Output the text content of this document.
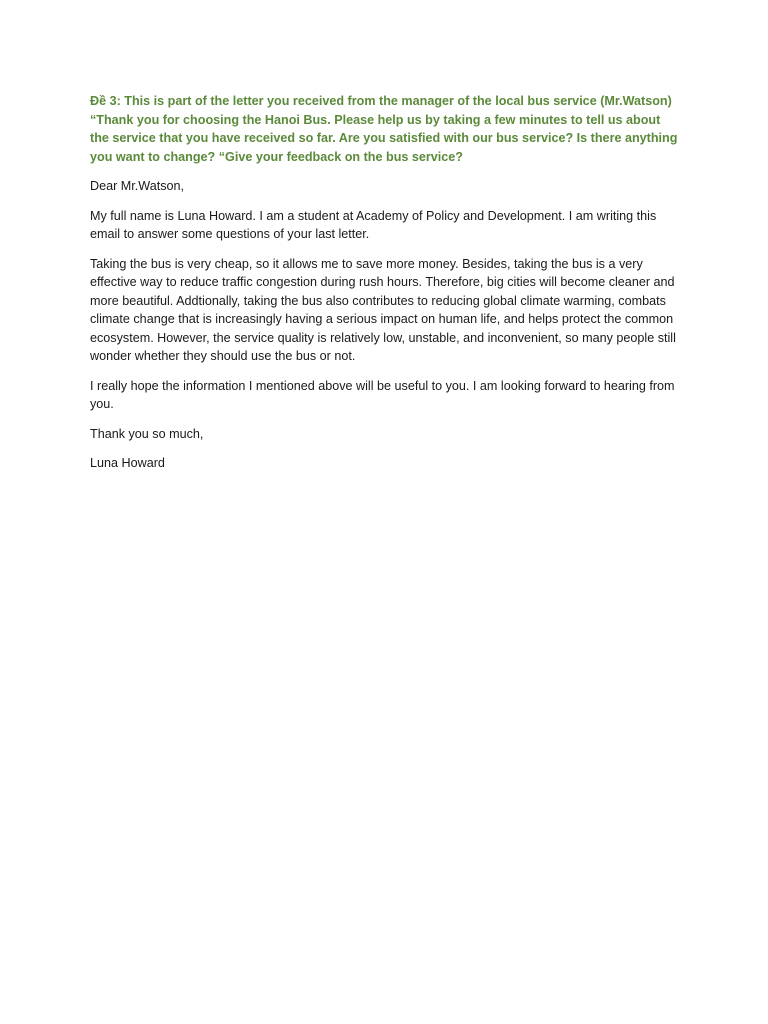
Đề 3: This is part of the letter you received from the manager of the local bus service (Mr.Watson)
“Thank you for choosing the Hanoi Bus. Please help us by taking a few minutes to tell us about the service that you have received so far. Are you satisfied with our bus service? Is there anything you want to change? “Give your feedback on the bus service?

Dear Mr.Watson,

My full name is Luna Howard. I am a student at Academy of Policy and Development. I am writing this email to answer some questions of your last letter.

Taking the bus is very cheap, so it allows me to save more money. Besides, taking the bus is a very effective way to reduce traffic congestion during rush hours. Therefore, big cities will become cleaner and more beautiful. Addtionally, taking the bus also contributes to reducing global climate warming, combats climate change that is increasingly having a serious impact on human life, and helps protect the common ecosystem. However, the service quality is relatively low, unstable, and inconvenient, so many people still wonder whether they should use the bus or not.

I really hope the information I mentioned above will be useful to you. I am looking forward to hearing from you.

Thank you so much,

Luna Howard
